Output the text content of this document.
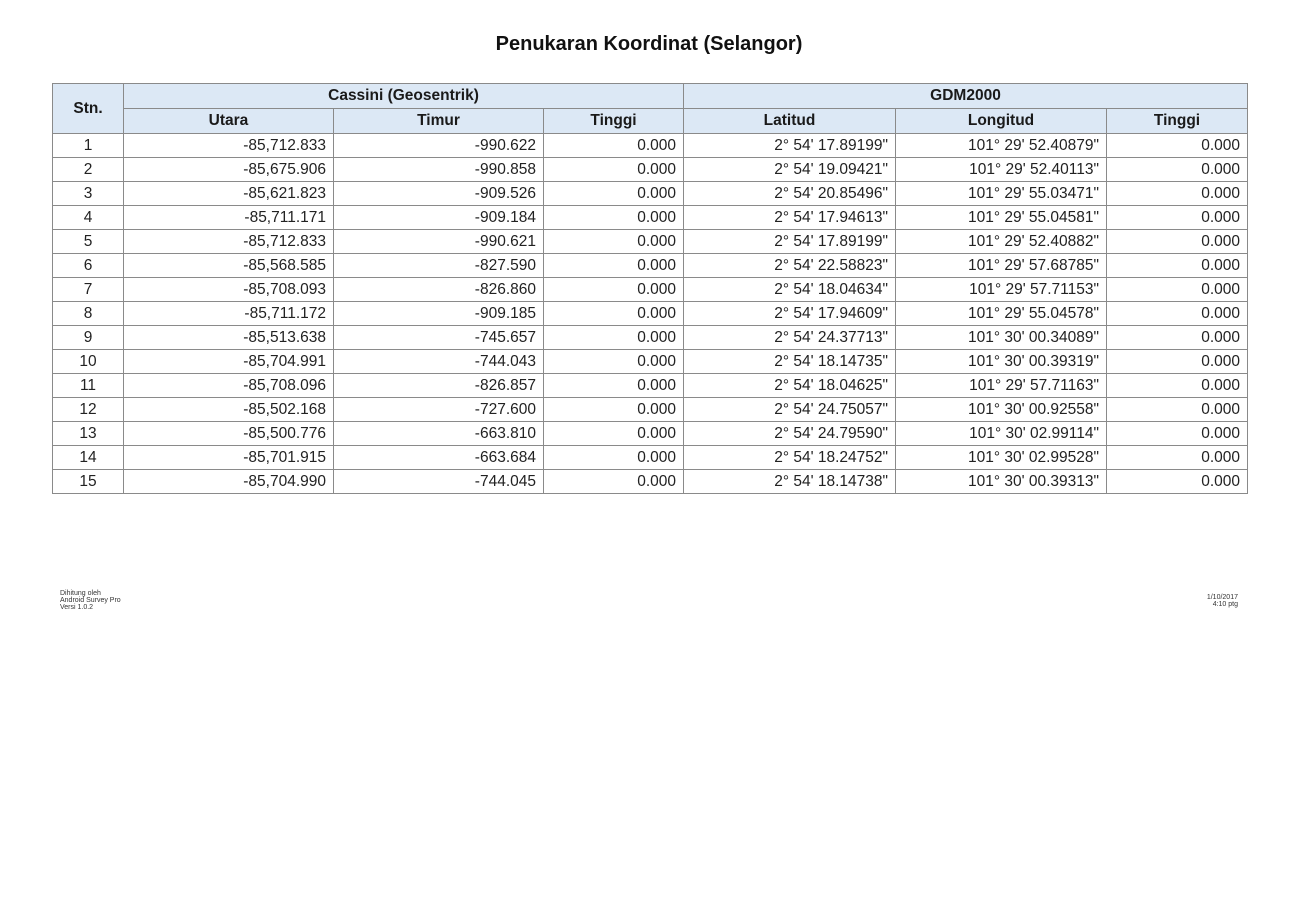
Penukaran Koordinat (Selangor)
Stn.	Cassini (Geosentrik)			GDM2000		
	Utara	Timur	Tinggi	Latitud	Longitud	Tinggi
1	-85,712.833	-990.622	0.000	2° 54' 17.89199"	101° 29' 52.40879"	0.000
2	-85,675.906	-990.858	0.000	2° 54' 19.09421"	101° 29' 52.40113"	0.000
3	-85,621.823	-909.526	0.000	2° 54' 20.85496"	101° 29' 55.03471"	0.000
4	-85,711.171	-909.184	0.000	2° 54' 17.94613"	101° 29' 55.04581"	0.000
5	-85,712.833	-990.621	0.000	2° 54' 17.89199"	101° 29' 52.40882"	0.000
6	-85,568.585	-827.590	0.000	2° 54' 22.58823"	101° 29' 57.68785"	0.000
7	-85,708.093	-826.860	0.000	2° 54' 18.04634"	101° 29' 57.71153"	0.000
8	-85,711.172	-909.185	0.000	2° 54' 17.94609"	101° 29' 55.04578"	0.000
9	-85,513.638	-745.657	0.000	2° 54' 24.37713"	101° 30' 00.34089"	0.000
10	-85,704.991	-744.043	0.000	2° 54' 18.14735"	101° 30' 00.39319"	0.000
11	-85,708.096	-826.857	0.000	2° 54' 18.04625"	101° 29' 57.71163"	0.000
12	-85,502.168	-727.600	0.000	2° 54' 24.75057"	101° 30' 00.92558"	0.000
13	-85,500.776	-663.810	0.000	2° 54' 24.79590"	101° 30' 02.99114"	0.000
14	-85,701.915	-663.684	0.000	2° 54' 18.24752"	101° 30' 02.99528"	0.000
15	-85,704.990	-744.045	0.000	2° 54' 18.14738"	101° 30' 00.39313"	0.000
Dihitung oleh
Android Survey Pro
Versi 1.0.2
1/10/2017
4:10 ptg
